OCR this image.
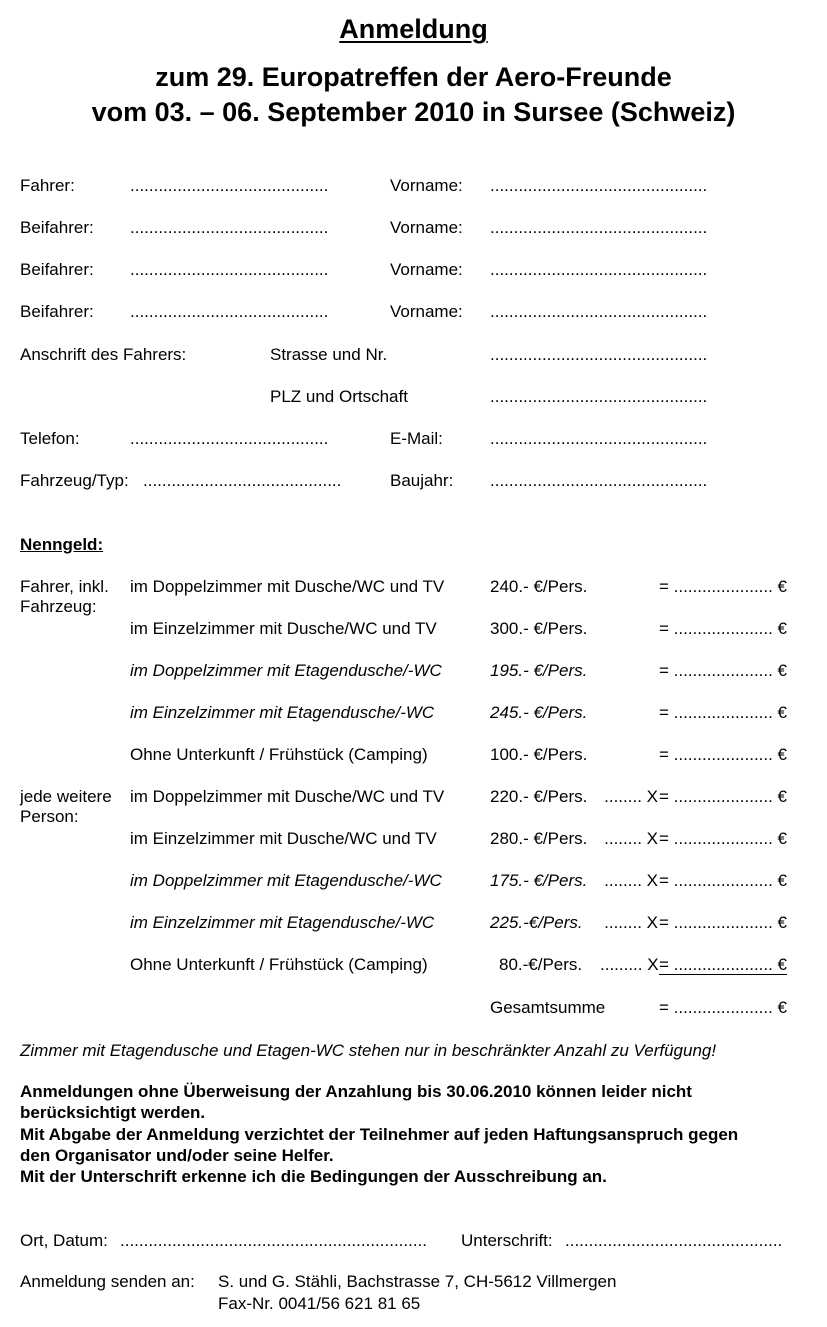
Anmeldung
zum 29. Europatreffen der Aero-Freunde
vom 03. – 06. September 2010 in Sursee (Schweiz)
Fahrer:	..........................................	Vorname: ..............................................
Beifahrer: ..........................................	Vorname: ..............................................
Beifahrer: ..........................................	Vorname: ..............................................
Beifahrer: ..........................................	Vorname: ..............................................
Anschrift des Fahrers:	Strasse und Nr.	..............................................
PLZ und Ortschaft	..............................................
Telefon:	..........................................	E-Mail:	..............................................
Fahrzeug/Typ: ..........................................	Baujahr: ..............................................
Nenngeld:
Fahrer, inkl.
Fahrzeug:
im Doppelzimmer mit Dusche/WC und TV	240.- €/Pers.	= ..................... €
im Einzelzimmer mit Dusche/WC und TV	300.- €/Pers.	= ..................... €
im Doppelzimmer mit Etagendusche/-WC	195.- €/Pers.	= ..................... €
im Einzelzimmer mit Etagendusche/-WC	245.- €/Pers.	= ..................... €
Ohne Unterkunft / Frühstück (Camping)	100.- €/Pers.	= ..................... €
jede weitere
Person:
im Doppelzimmer mit Dusche/WC und TV	220.- €/Pers. ........ X = ..................... €
im Einzelzimmer mit Dusche/WC und TV	280.- €/Pers. ........ X = ..................... €
im Doppelzimmer mit Etagendusche/-WC	175.- €/Pers. ........ X = ..................... €
im Einzelzimmer mit Etagendusche/-WC	225.-€/Pers. ........ X = ..................... €
Ohne Unterkunft / Frühstück (Camping)	80.-€/Pers. ......... X = ..................... €
Gesamtsumme	= ..................... €
Zimmer mit Etagendusche und Etagen-WC stehen nur in beschränkter Anzahl zu Verfügung!
Anmeldungen ohne Überweisung der Anzahlung bis 30.06.2010 können leider nicht
berücksichtigt werden.
Mit Abgabe der Anmeldung verzichtet der Teilnehmer auf jeden Haftungsanspruch gegen
den Organisator und/oder seine Helfer.
Mit der Unterschrift erkenne ich die Bedingungen der Ausschreibung an.
Ort, Datum: ................................................................. Unterschrift: ..............................................
Anmeldung senden an: S. und G. Stähli, Bachstrasse 7, CH-5612 Villmergen
Fax-Nr. 0041/56 621 81 65
